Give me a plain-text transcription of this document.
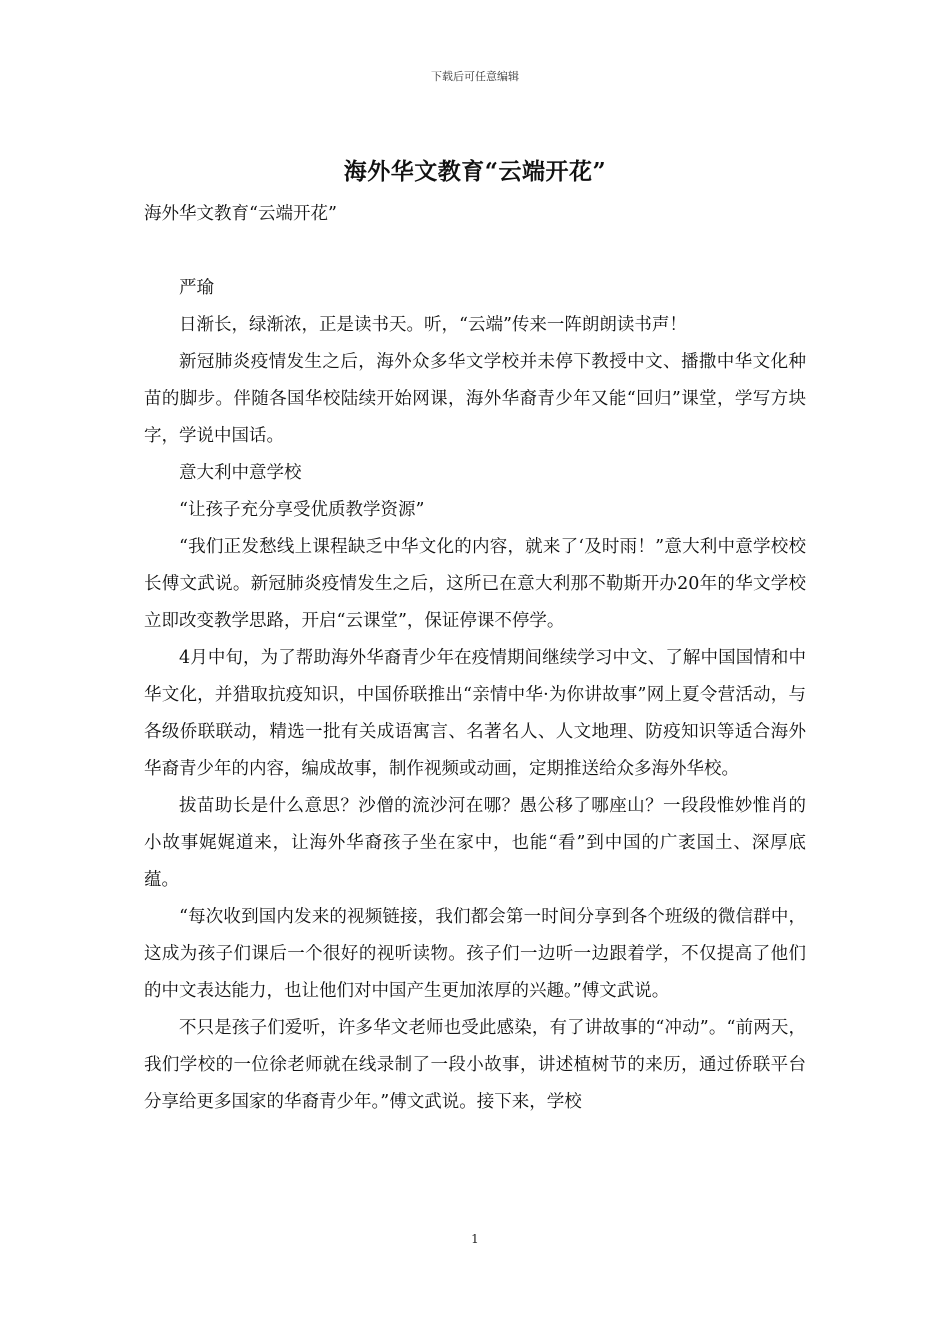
下载后可任意编辑
海外华文教育“云端开花”

海外华文教育“云端开花”

严瑜

日渐长，绿渐浓，正是读书天。听，“云端”传来一阵朗朗读书声！

新冠肺炎疫情发生之后，海外众多华文学校并未停下教授中文、播撒中华文化种苗的脚步。伴随各国华校陆续开始网课，海外华裔青少年又能“回归”课堂，学写方块字，学说中国话。

意大利中意学校

“让孩子充分享受优质教学资源”

“我们正发愁线上课程缺乏中华文化的内容，就来了‘及时雨！”意大利中意学校校长傅文武说。新冠肺炎疫情发生之后，这所已在意大利那不勒斯开办20年的华文学校立即改变教学思路，开启“云课堂”，保证停课不停学。

4月中旬，为了帮助海外华裔青少年在疫情期间继续学习中文、了解中国国情和中华文化，并猎取抗疫知识，中国侨联推出“亲情中华·为你讲故事”网上夏令营活动，与各级侨联联动，精选一批有关成语寓言、名著名人、人文地理、防疫知识等适合海外华裔青少年的内容，编成故事，制作视频或动画，定期推送给众多海外华校。

拔苗助长是什么意思？沙僧的流沙河在哪？愚公移了哪座山？一段段惟妙惟肖的小故事娓娓道来，让海外华裔孩子坐在家中，也能“看”到中国的广袤国土、深厚底蕴。

“每次收到国内发来的视频链接，我们都会第一时间分享到各个班级的微信群中，这成为孩子们课后一个很好的视听读物。孩子们一边听一边跟着学，不仅提高了他们的中文表达能力，也让他们对中国产生更加浓厚的兴趣。”傅文武说。

不只是孩子们爱听，许多华文老师也受此感染，有了讲故事的“冲动”。“前两天，我们学校的一位徐老师就在线录制了一段小故事，讲述植树节的来历，通过侨联平台分享给更多国家的华裔青少年。”傅文武说。接下来，学校

1
